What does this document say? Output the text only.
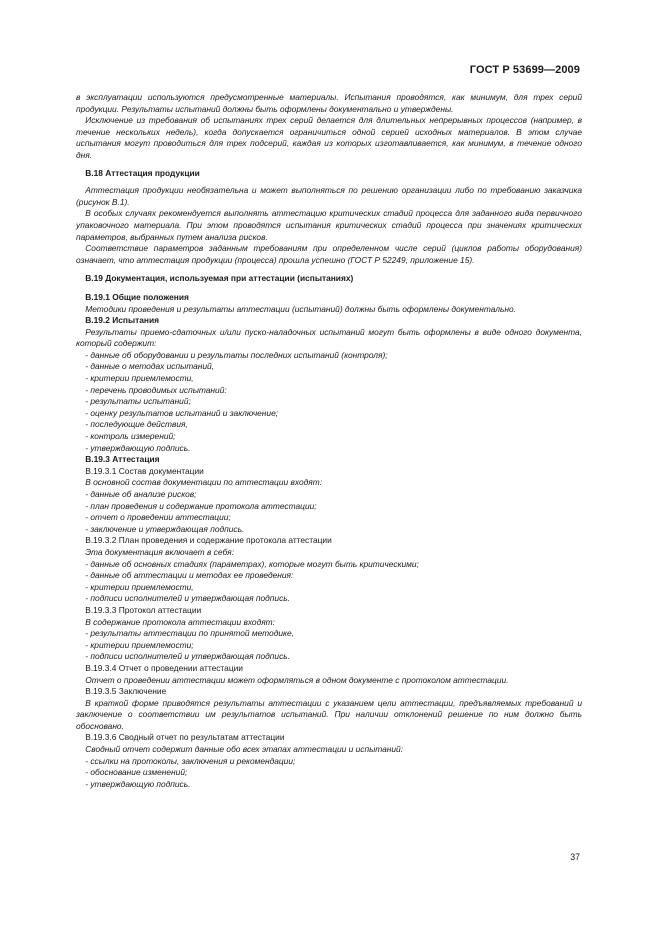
ГОСТ Р 53699—2009

в эксплуатации используются предусмотренные материалы. Испытания проводятся, как минимум, для трех серий продукции. Результаты испытаний должны быть оформлены документально и утверждены.

Исключение из требования об испытаниях трех серий делается для длительных непрерывных процессов (например, в течение нескольких недель), когда допускается ограничиться одной серией исходных материалов. В этом случае испытания могут проводиться для трех подсерий, каждая из которых изготавливается, как минимум, в течение одного дня.

В.18 Аттестация продукции

Аттестация продукции необязательна и может выполняться по решению организации либо по требованию заказчика (рисунок В.1).

В особых случаях рекомендуется выполнять аттестацию критических стадий процесса для заданного вида первичного упаковочного материала. При этом проводятся испытания критических стадий процесса при значениях критических параметров, выбранных путем анализа рисков.

Соответствие параметров заданным требованиям при определенном числе серий (циклов работы оборудования) означает, что аттестация продукции (процесса) прошла успешно (ГОСТ Р 52249, приложение 15).

В.19 Документация, используемая при аттестации (испытаниях)

В.19.1 Общие положения

Методики проведения и результаты аттестации (испытаний) должны быть оформлены документально.

В.19.2 Испытания

Результаты приемо-сдаточных и/или пуско-наладочных испытаний могут быть оформлены в виде одного документа, который содержит:

- данные об оборудовании и результаты последних испытаний (контроля);

- данные о методах испытаний,

- критерии приемлемости,

- перечень проводимых испытаний:

- результаты испытаний;

- оценку результатов испытаний и заключение;

- последующие действия,

- контроль измерений;

- утверждающую подпись.

В.19.3 Аттестация

В.19.3.1 Состав документации

В основной состав документации по аттестации входят:

- данные об анализе рисков;

- план проведения и содержание протокола аттестации;

- отчет о проведении аттестации;

- заключение и утверждающая подпись.

В.19.3.2 План проведения и содержание протокола аттестации

Эта документация включает в себя:

- данные об основных стадиях (параметрах), которые могут быть критическими;

- данные об аттестации и методах ее проведения:

- критерии приемлемости,

- подписи исполнителей и утверждающая подпись.

В.19.3.3 Протокол аттестации

В содержание протокола аттестации входят:

- результаты аттестации по принятой методике,

- критерии приемлемости;

- подписи исполнителей и утверждающая подпись.

В.19.3.4 Отчет о проведении аттестации

Отчет о проведении аттестации может оформляться в одном документе с протоколом аттестации.

В.19.3.5 Заключение

В краткой форме приводятся результаты аттестации с указанием цели аттестации, предъявляемых требований и заключение о соответствии им результатов испытаний. При наличии отклонений решение по ним должно быть обосновано.

В.19.3.6 Сводный отчет по результатам аттестации

Сводный отчет содержит данные обо всех этапах аттестации и испытаний:

- ссылки на протоколы, заключения и рекомендации;

- обоснование изменений;

- утверждающую подпись.

37
